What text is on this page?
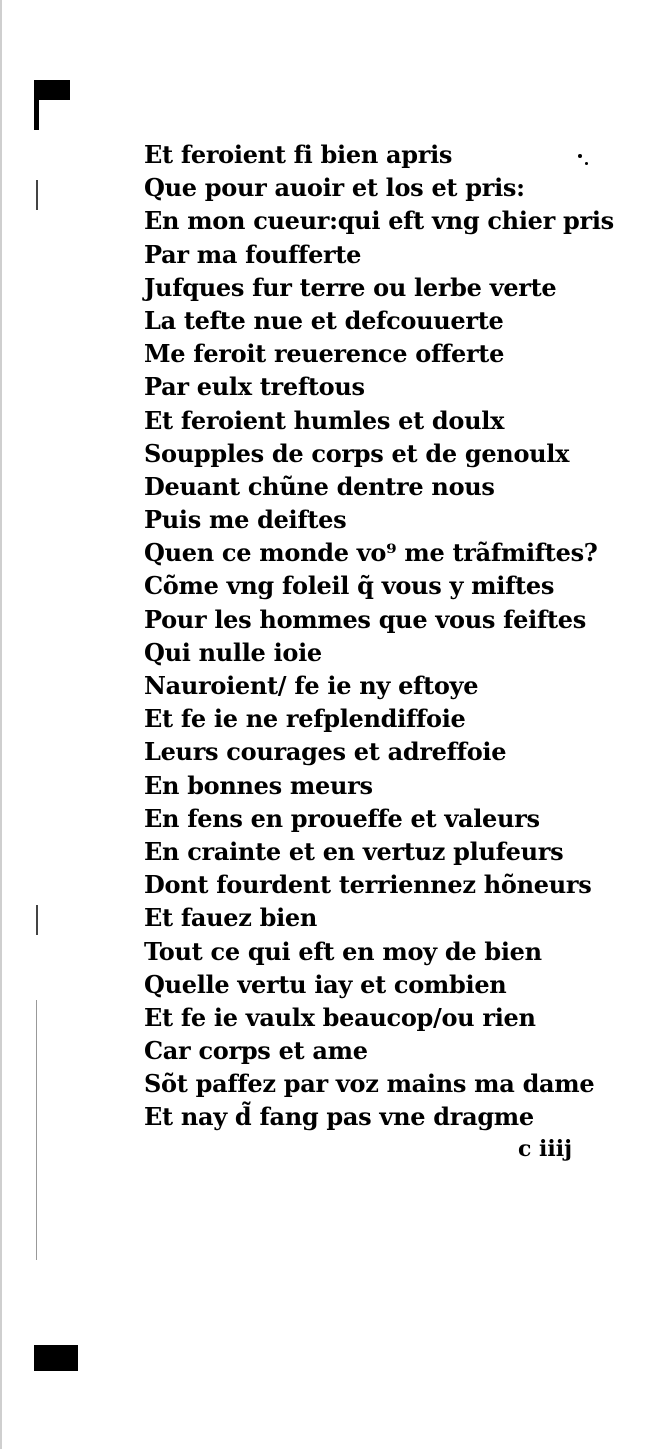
Et feroient fi bien apris
Que pour auoir et los et pris:
En mon cueur:qui eft vng chier pris
Par ma foufferte
Jufques fur terre ou lerbe verte
La tefte nue et defcouuerte
Me feroit reuerence offerte
Par eulx treftous
Et feroient humles et doulx
Soupples de corps et de genoulx
Deuant chũne dentre nous
Puis me deiftes
Quen ce monde vo⁹ me trãfmiftes?
Cõme vng foleil q̃ vous y miftes
Pour les hommes que vous feiftes
Qui nulle ioie
Nauroient/ fe ie ny eftoye
Et fe ie ne refplendiffoie
Leurs courages et adreffoie
En bonnes meurs
En fens en proueffe et valeurs
En crainte et en vertuz plufeurs
Dont fourdent terriennez hõneurs
Et fauez bien
Tout ce qui eft en moy de bien
Quelle vertu iay et combien
Et fe ie vaulx beaucop/ou rien
Car corps et ame
Sõt paffez par voz mains ma dame
Et nay d̃ fang pas vne dragme
c iiij
